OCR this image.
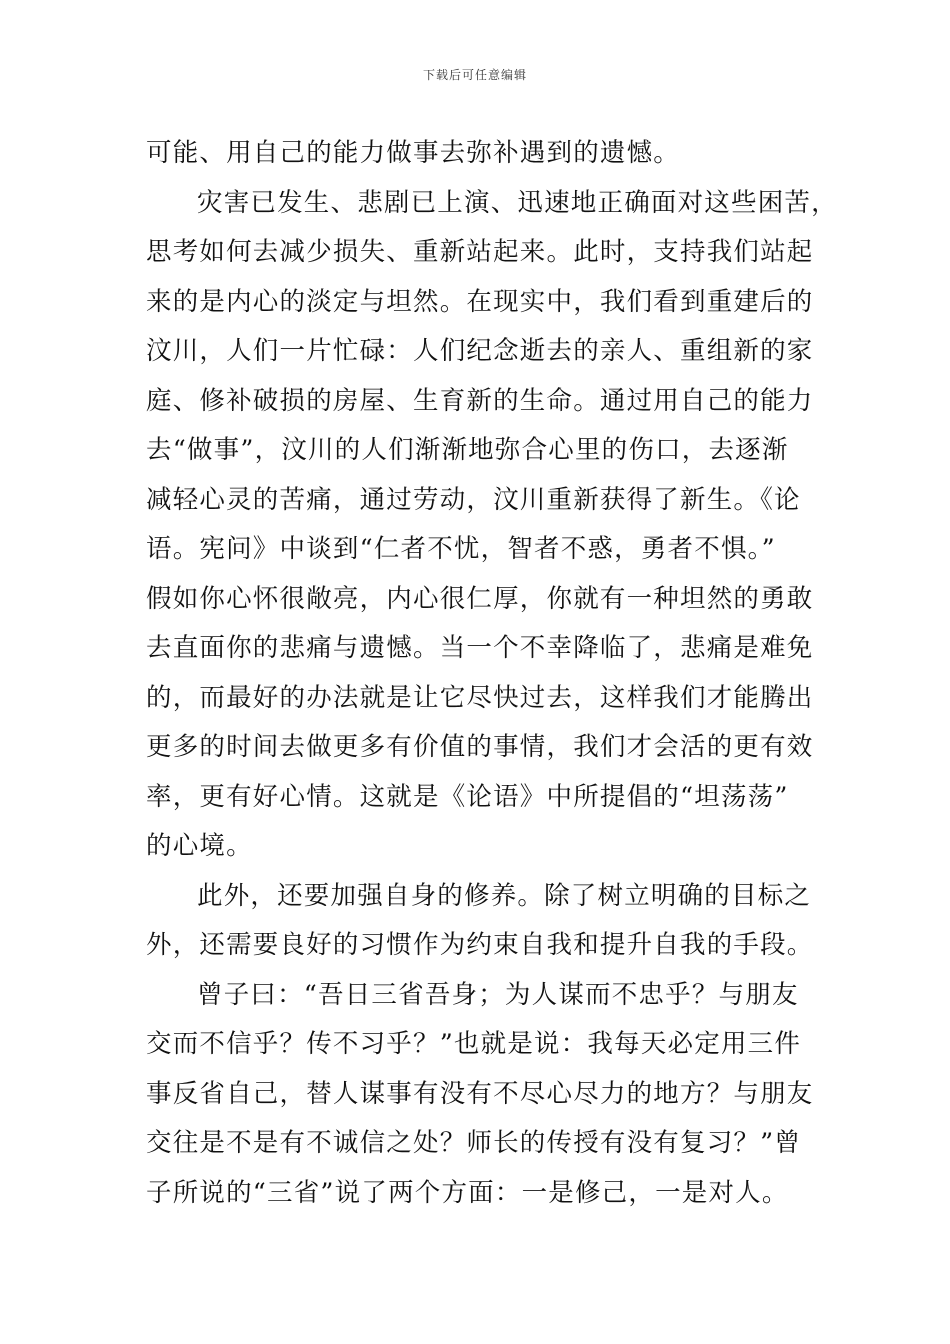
下载后可任意编辑
可能、用自己的能力做事去弥补遇到的遗憾。
灾害已发生、悲剧已上演、迅速地正确面对这些困苦，
思考如何去减少损失、重新站起来。此时，支持我们站起
来的是内心的淡定与坦然。在现实中，我们看到重建后的
汶川，人们一片忙碌：人们纪念逝去的亲人、重组新的家
庭、修补破损的房屋、生育新的生命。通过用自己的能力
去“做事”，汶川的人们渐渐地弥合心里的伤口，去逐渐
减轻心灵的苦痛，通过劳动，汶川重新获得了新生。《论
语。宪问》中谈到“仁者不忧，智者不惑，勇者不惧。”
假如你心怀很敞亮，内心很仁厚，你就有一种坦然的勇敢
去直面你的悲痛与遗憾。当一个不幸降临了，悲痛是难免
的，而最好的办法就是让它尽快过去，这样我们才能腾出
更多的时间去做更多有价值的事情，我们才会活的更有效
率，更有好心情。这就是《论语》中所提倡的“坦荡荡”
的心境。
此外，还要加强自身的修养。除了树立明确的目标之
外，还需要良好的习惯作为约束自我和提升自我的手段。
曾子曰：“吾日三省吾身；为人谋而不忠乎？与朋友
交而不信乎？传不习乎？”也就是说：我每天必定用三件
事反省自己，替人谋事有没有不尽心尽力的地方？与朋友
交往是不是有不诚信之处？师长的传授有没有复习？”曾
子所说的“三省”说了两个方面：一是修己，一是对人。
